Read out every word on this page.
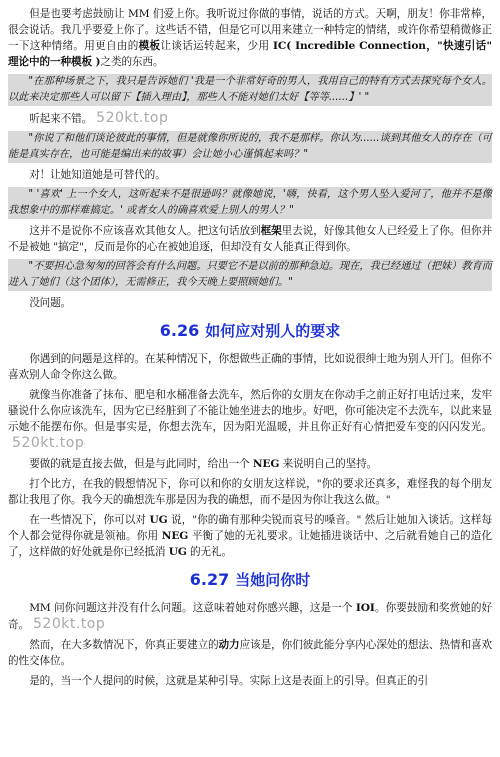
但是也要考虑鼓励让 MM 们爱上你。我听说过你做的事情，说话的方式。天啊，朋友！你非常棒，很会说话。我几乎要爱上你了。这些话不错，但是它可以用来建立一种特定的情绪，或许你希望稍微修正一下这种情绪。用更自由的模板让谈话运转起来，少用 IC( Incredible Connection，"快速引话" 理论中的一种模板 )之类的东西。

"在那种场景之下，我只是告诉她们 '我是一个非常好奇的男人，我用自己的特有方式去探究每个女人。以此来决定那些人可以留下【插入理由】，那些人不能对她们太好【等等......】' "

听起来不错。 520kt.top

"你说了和他们谈论彼此的事情，但是就像你所说的，我不是那样。你认为......谈到其他女人的存在（可能是真实存在，也可能是编出来的故事）会让她小心谨慎起来吗？"

对！让她知道她是可替代的。

" '喜欢' 上一个女人，这听起来不是很逊吗？就像她说，'嗨，快看，这个男人坠入爱河了，他并不是像我想象中的那样难搞定。' 或者女人的确喜欢爱上别人的男人？"

这并不是说你不应该喜欢其他女人。把这句话放到框架里去说，好像其他女人已经爱上了你。但你并不是被她 "搞定"，反而是你的心在被她追逐，但却没有女人能真正得到你。

"不要担心急匆匆的回答会有什么问题。只要它不是以前的那种急迫。现在，我已经通过（把妹）教育而进入了她们（这个团体），无需修正，我今天晚上要照顾她们。"

没问题。

6.26 如何应对别人的要求

你遇到的问题是这样的。在某种情况下，你想做些正确的事情，比如说很绅士地为别人开门。但你不喜欢别人命令你这么做。

就像当你准备了抹布、肥皂和水桶准备去洗车，然后你的女朋友在你动手之前正好打电话过来，发牢骚说什么你应该洗车，因为它已经脏到了不能让她坐进去的地步。好吧，你可能决定不去洗车，以此来显示她不能摆布你。但是事实是，你想去洗车，因为阳光温暖，并且你正好有心情把爱车变的闪闪发光。520kt.top

要做的就是直接去做，但是与此同时，给出一个 NEG 来说明自己的坚持。

打个比方，在我的假想情况下，你可以和你的女朋友这样说，"你的要求还真多，难怪我的每个朋友都让我甩了你。我今天的确想洗车那是因为我的确想，而不是因为你让我这么做。"

在一些情况下，你可以对 UG 说，"你的确有那种尖锐而哀号的嗓音。" 然后让她加入谈话。这样每个人都会觉得你就是领袖。你用 NEG 平衡了她的无礼要求。让她插进谈话中、之后就看她自己的造化了，这样做的好处就是你已经抵消 UG 的无礼。

6.27 当她问你时

MM 问你问题这并没有什么问题。这意味着她对你感兴趣，这是一个 IOI。你要鼓励和奖赏她的好奇。 520kt.top

然而，在大多数情况下，你真正要建立的动力应该是，你们彼此能分享内心深处的想法、热情和喜欢的性交体位。

是的，当一个人提问的时候，这就是某种引导。实际上这是表面上的引导。但真正的引
